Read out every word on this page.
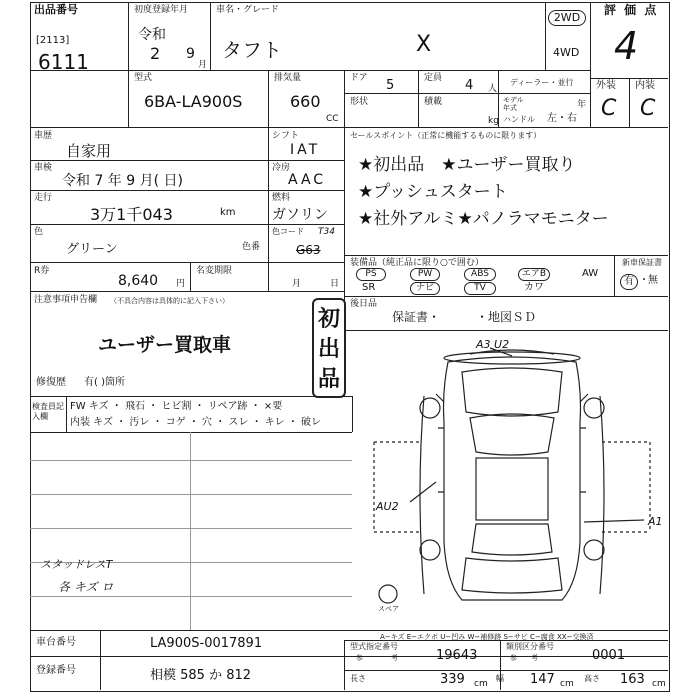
出品番号
[2113]
6111
初度登録年月
令和
2 9
月
車名・グレード
タフト	X
2WD
4WD
評 価 点
4
外装 内装
C C
型式
6BA-LA900S
排気量
660
CC
ドア 5	定員 4 人
ディーラー・並行
形状	積載
kg
モデル年式	年
ハンドル 左・右
車歴
自家用
車検
令和 7 年 9 月( 日)
走行
3万1千043	km
シフト
IAT
冷房
AAC
燃料
ガソリン
色
グリーン	色番
色コード T34
G63
セールスポイント（正常に機能するものに限ります）
★初出品　★ユーザー買取り
★プッシュスタート
★社外アルミ★パノラマモニター
R券
8,640 円
名変期限
月	日
装備品（純正品に限り○で囲む）	新車保証書
PS	PW	ABS	エアB	AW
SR	ナビ	TV	カワ
有 ・ 無
後日品
保証書・　　　・地図ＳＤ
注意事項申告欄 （不具合内容は具体的に記入下さい）
ユーザー買取車
初
出
品
修復歴 有( )箇所
検査員記入欄
FW キズ ・ 飛石 ・ ヒビ割 ・ リペア跡 ・ ×要
内装 キズ ・ 汚レ ・ コゲ ・ 穴 ・ スレ ・ キレ ・ 破レ
スタッドレスT
各 キズ ロ
A3 U2
AU2
A1
スペア
A−キズ E−エクボ U−凹み W−補修跡 S−サビ C−腐食 XX−交換済
車台番号	LA900S-0017891
登録番号	相模 585 か 812
型式指定番号
参　　　　考	19643
類別区分番号
参　　考	0001
長さ	339 cm
幅 147 cm
高さ 163 cm
